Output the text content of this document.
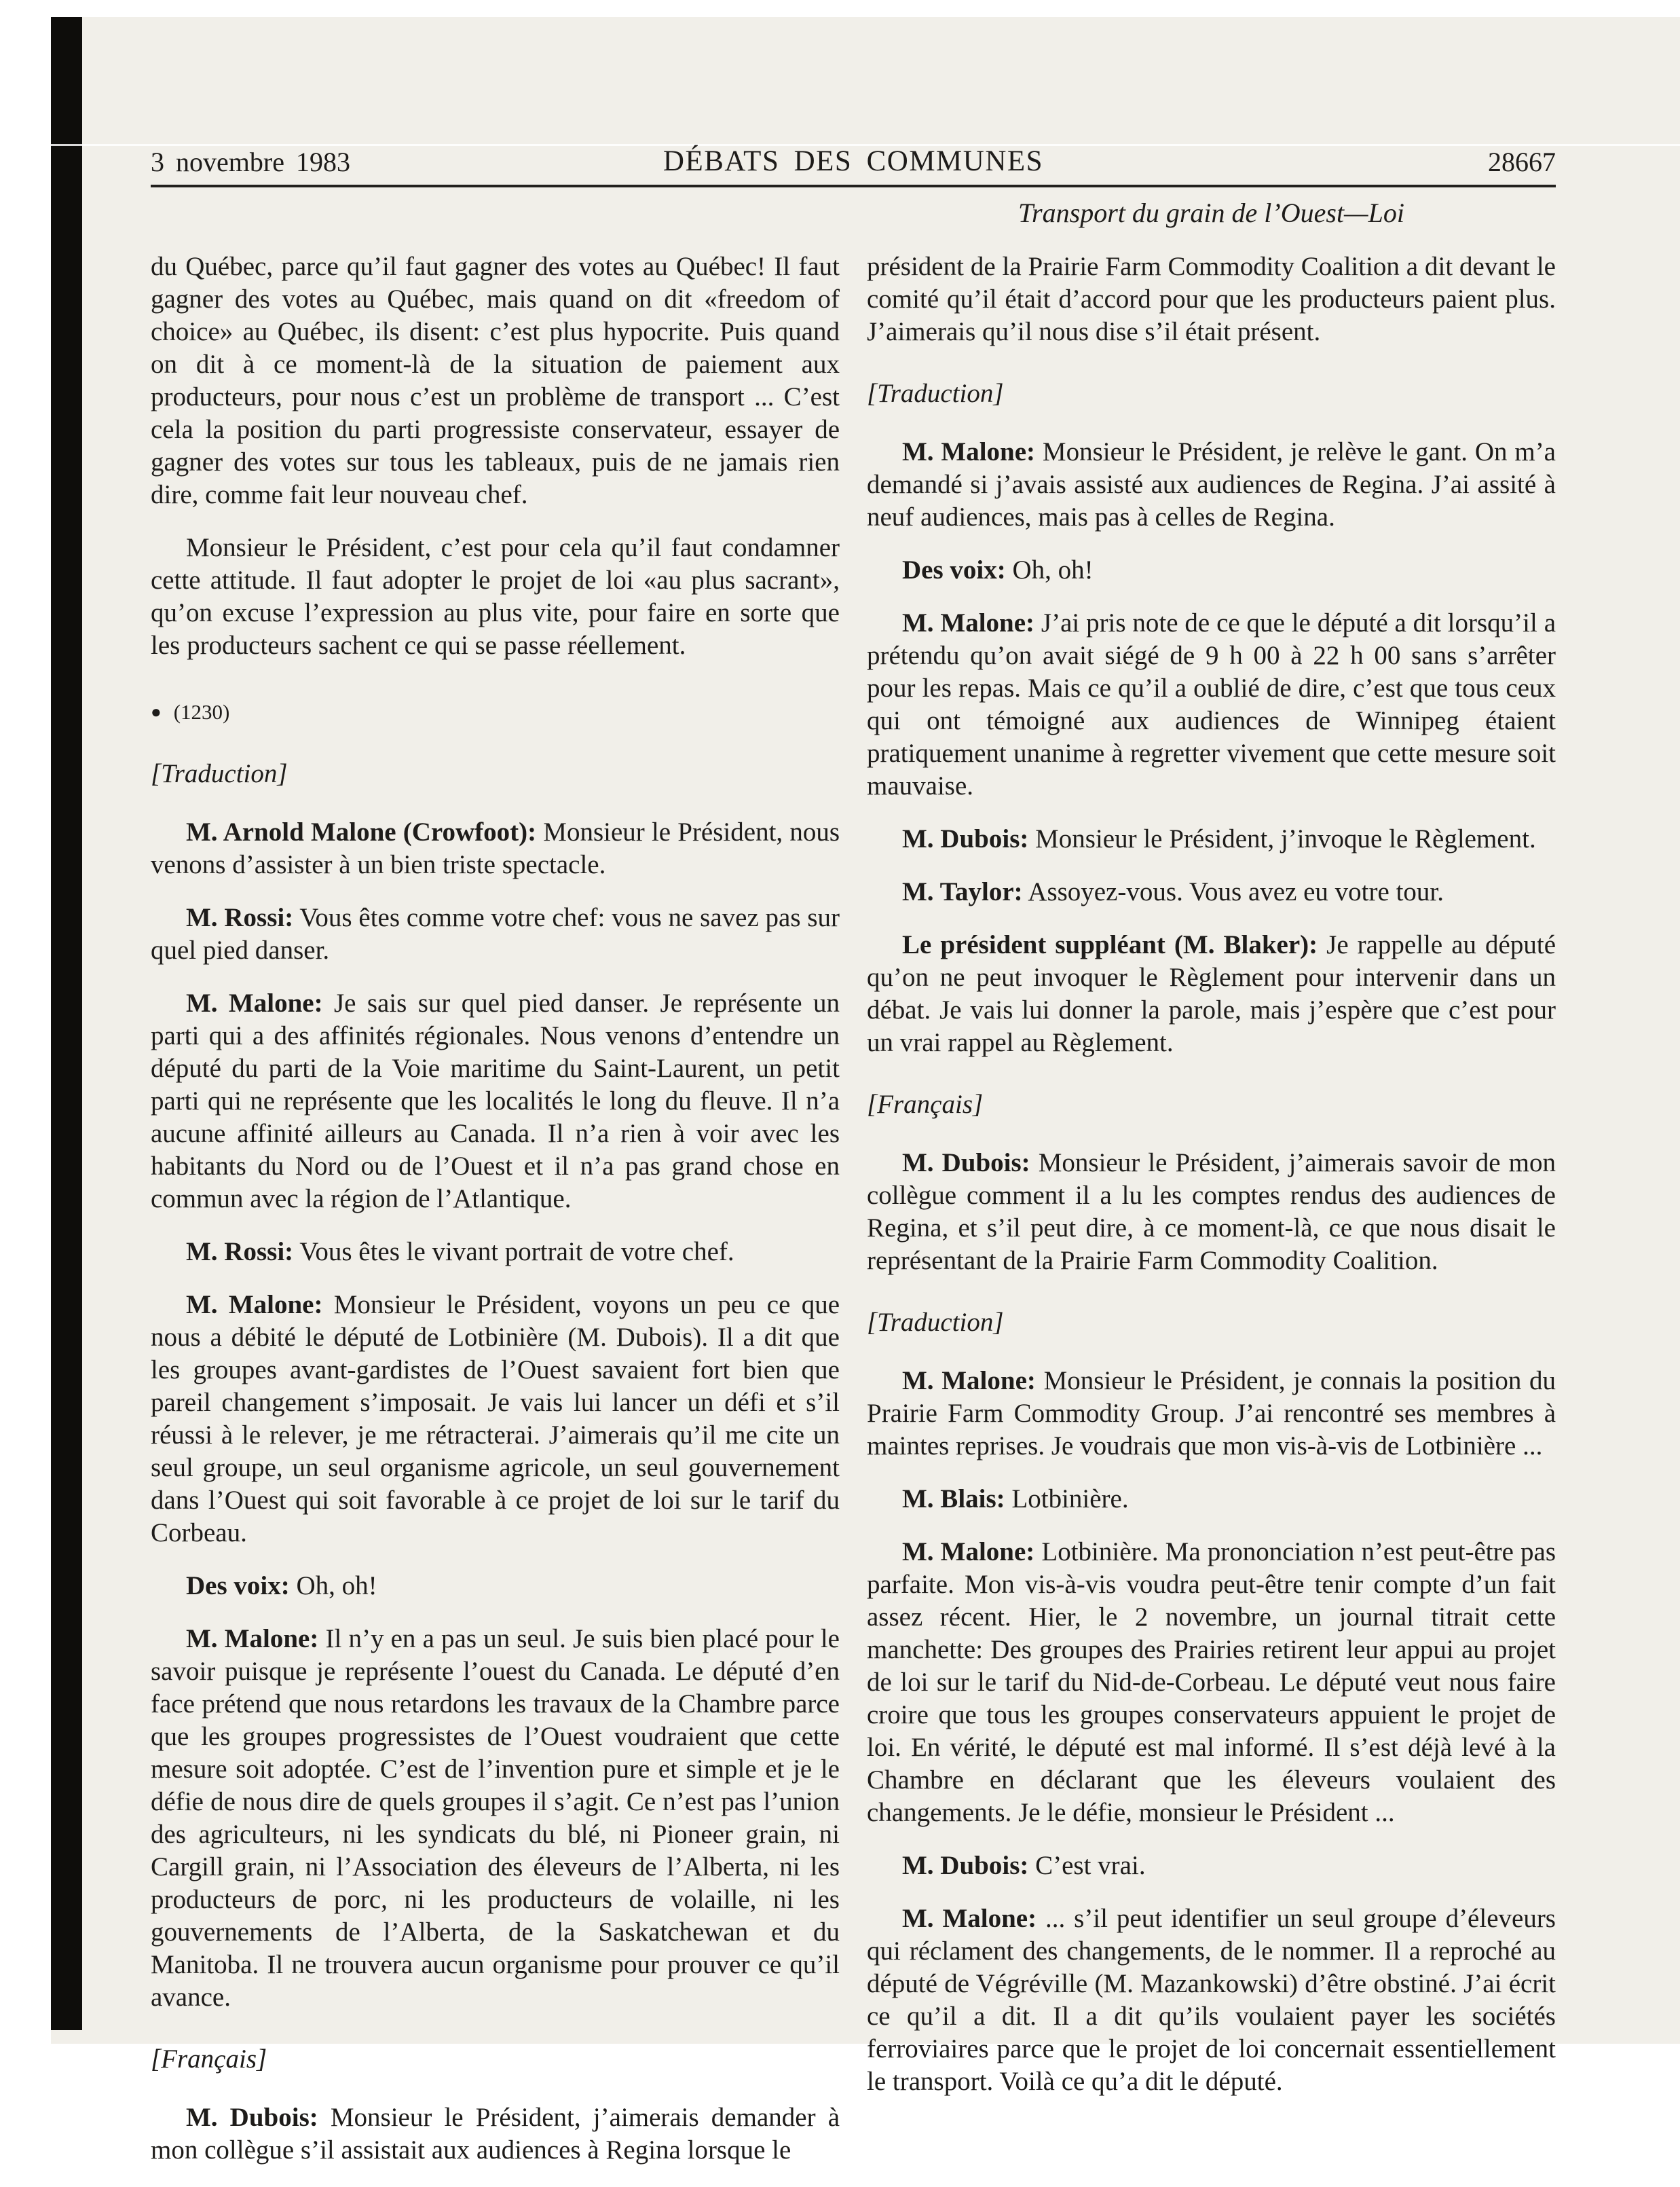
3 novembre 1983	DÉBATS DES COMMUNES	28667
Transport du grain de l’Ouest—Loi

du Québec, parce qu’il faut gagner des votes au Québec! Il faut gagner des votes au Québec, mais quand on dit «freedom of choice» au Québec, ils disent: c’est plus hypocrite. Puis quand on dit à ce moment-là de la situation de paiement aux producteurs, pour nous c’est un problème de transport ... C’est cela la position du parti progressiste conservateur, essayer de gagner des votes sur tous les tableaux, puis de ne jamais rien dire, comme fait leur nouveau chef.

Monsieur le Président, c’est pour cela qu’il faut condamner cette attitude. Il faut adopter le projet de loi «au plus sacrant», qu’on excuse l’expression au plus vite, pour faire en sorte que les producteurs sachent ce qui se passe réellement.

● (1230)

[Traduction]

M. Arnold Malone (Crowfoot): Monsieur le Président, nous venons d’assister à un bien triste spectacle.

M. Rossi: Vous êtes comme votre chef: vous ne savez pas sur quel pied danser.

M. Malone: Je sais sur quel pied danser. Je représente un parti qui a des affinités régionales. Nous venons d’entendre un député du parti de la Voie maritime du Saint-Laurent, un petit parti qui ne représente que les localités le long du fleuve. Il n’a aucune affinité ailleurs au Canada. Il n’a rien à voir avec les habitants du Nord ou de l’Ouest et il n’a pas grand chose en commun avec la région de l’Atlantique.

M. Rossi: Vous êtes le vivant portrait de votre chef.

M. Malone: Monsieur le Président, voyons un peu ce que nous a débité le député de Lotbinière (M. Dubois). Il a dit que les groupes avant-gardistes de l’Ouest savaient fort bien que pareil changement s’imposait. Je vais lui lancer un défi et s’il réussi à le relever, je me rétracterai. J’aimerais qu’il me cite un seul groupe, un seul organisme agricole, un seul gouvernement dans l’Ouest qui soit favorable à ce projet de loi sur le tarif du Corbeau.

Des voix: Oh, oh!

M. Malone: Il n’y en a pas un seul. Je suis bien placé pour le savoir puisque je représente l’ouest du Canada. Le député d’en face prétend que nous retardons les travaux de la Chambre parce que les groupes progressistes de l’Ouest voudraient que cette mesure soit adoptée. C’est de l’invention pure et simple et je le défie de nous dire de quels groupes il s’agit. Ce n’est pas l’union des agriculteurs, ni les syndicats du blé, ni Pioneer grain, ni Cargill grain, ni l’Association des éleveurs de l’Alberta, ni les producteurs de porc, ni les producteurs de volaille, ni les gouvernements de l’Alberta, de la Saskatchewan et du Manitoba. Il ne trouvera aucun organisme pour prouver ce qu’il avance.

[Français]

M. Dubois: Monsieur le Président, j’aimerais demander à mon collègue s’il assistait aux audiences à Regina lorsque le

président de la Prairie Farm Commodity Coalition a dit devant le comité qu’il était d’accord pour que les producteurs paient plus. J’aimerais qu’il nous dise s’il était présent.

[Traduction]

M. Malone: Monsieur le Président, je relève le gant. On m’a demandé si j’avais assisté aux audiences de Regina. J’ai assité à neuf audiences, mais pas à celles de Regina.

Des voix: Oh, oh!

M. Malone: J’ai pris note de ce que le député a dit lorsqu’il a prétendu qu’on avait siégé de 9 h 00 à 22 h 00 sans s’arrêter pour les repas. Mais ce qu’il a oublié de dire, c’est que tous ceux qui ont témoigné aux audiences de Winnipeg étaient pratiquement unanime à regretter vivement que cette mesure soit mauvaise.

M. Dubois: Monsieur le Président, j’invoque le Règlement.

M. Taylor: Assoyez-vous. Vous avez eu votre tour.

Le président suppléant (M. Blaker): Je rappelle au député qu’on ne peut invoquer le Règlement pour intervenir dans un débat. Je vais lui donner la parole, mais j’espère que c’est pour un vrai rappel au Règlement.

[Français]

M. Dubois: Monsieur le Président, j’aimerais savoir de mon collègue comment il a lu les comptes rendus des audiences de Regina, et s’il peut dire, à ce moment-là, ce que nous disait le représentant de la Prairie Farm Commodity Coalition.

[Traduction]

M. Malone: Monsieur le Président, je connais la position du Prairie Farm Commodity Group. J’ai rencontré ses membres à maintes reprises. Je voudrais que mon vis-à-vis de Lotbinière ...

M. Blais: Lotbinière.

M. Malone: Lotbinière. Ma prononciation n’est peut-être pas parfaite. Mon vis-à-vis voudra peut-être tenir compte d’un fait assez récent. Hier, le 2 novembre, un journal titrait cette manchette: Des groupes des Prairies retirent leur appui au projet de loi sur le tarif du Nid-de-Corbeau. Le député veut nous faire croire que tous les groupes conservateurs appuient le projet de loi. En vérité, le député est mal informé. Il s’est déjà levé à la Chambre en déclarant que les éleveurs voulaient des changements. Je le défie, monsieur le Président ...

M. Dubois: C’est vrai.

M. Malone: ... s’il peut identifier un seul groupe d’éleveurs qui réclament des changements, de le nommer. Il a reproché au député de Végréville (M. Mazankowski) d’être obstiné. J’ai écrit ce qu’il a dit. Il a dit qu’ils voulaient payer les sociétés ferroviaires parce que le projet de loi concernait essentiellement le transport. Voilà ce qu’a dit le député.
